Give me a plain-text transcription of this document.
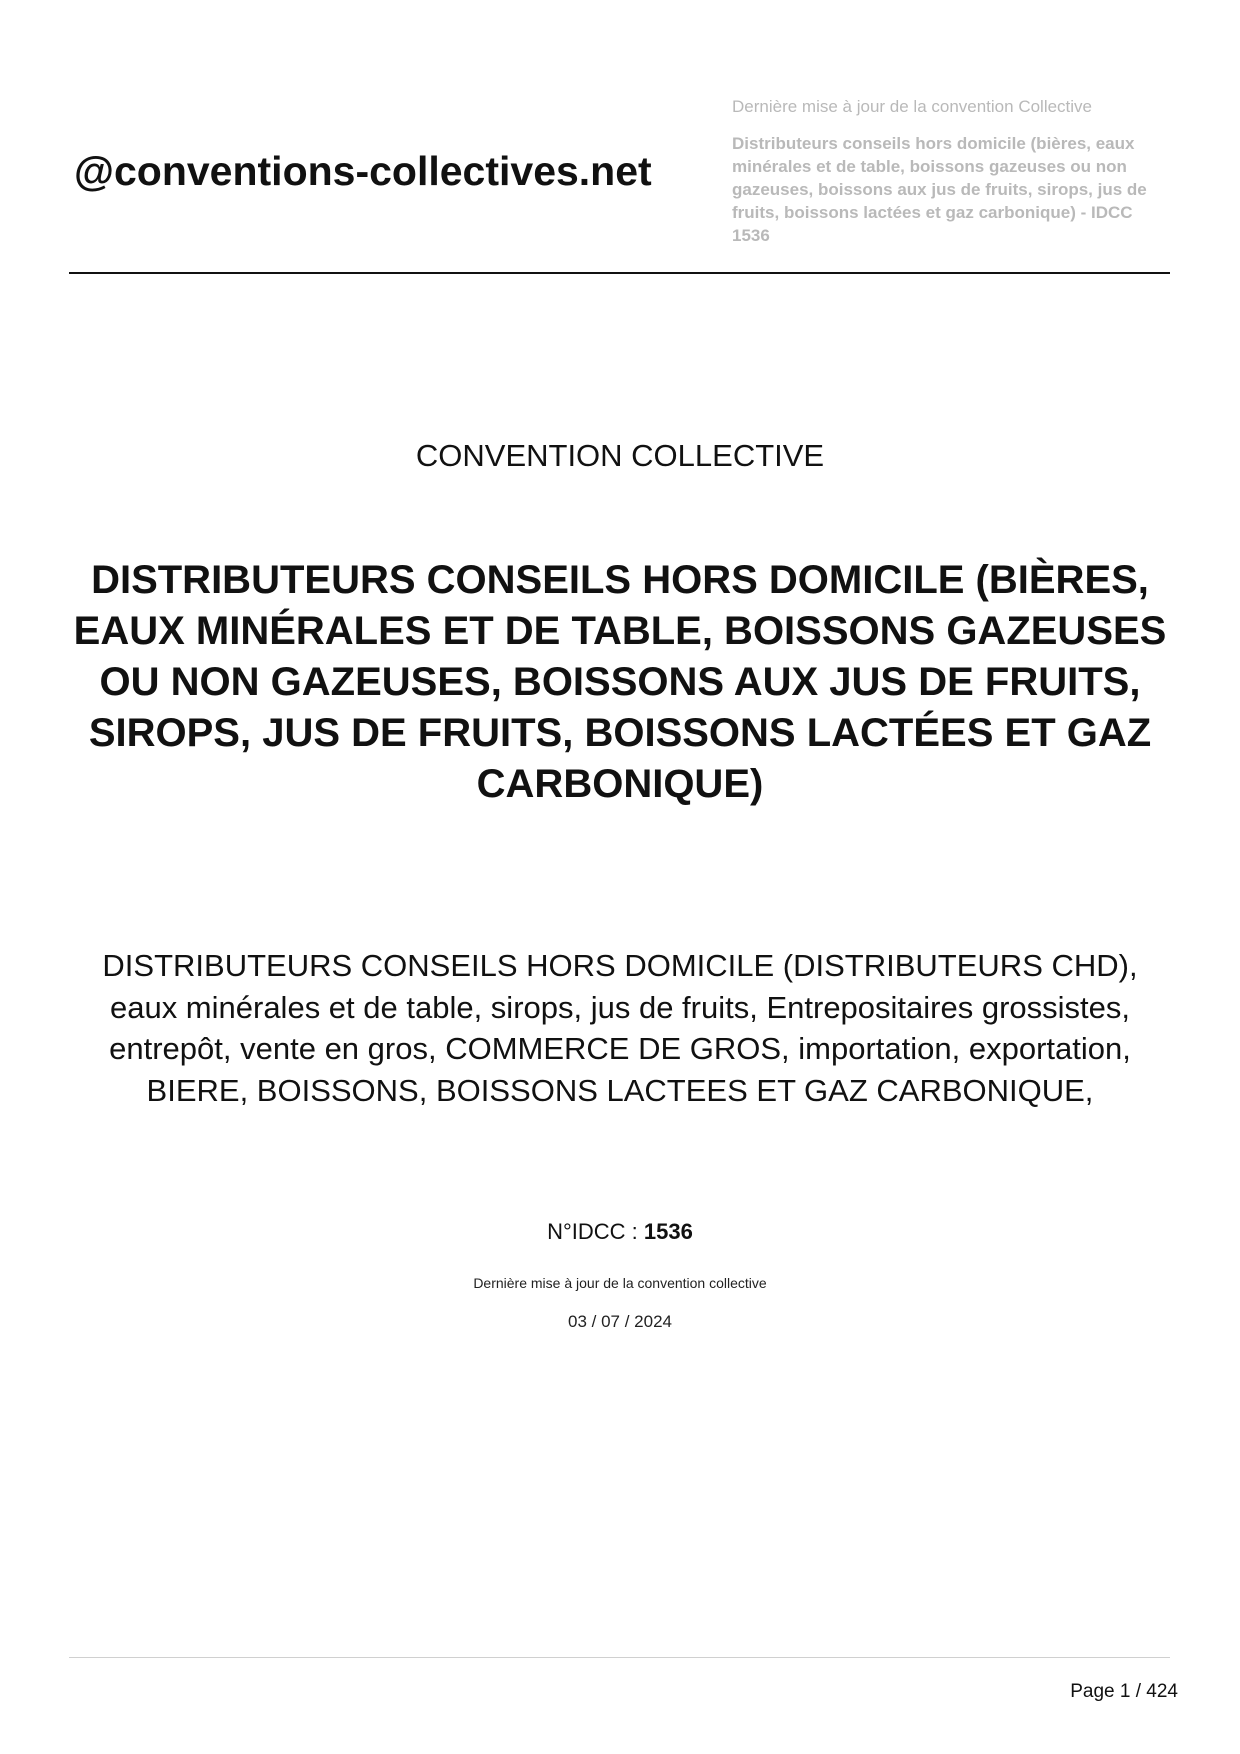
@conventions-collectives.net
Dernière mise à jour de la convention Collective
Distributeurs conseils hors domicile (bières, eaux minérales et de table, boissons gazeuses ou non gazeuses, boissons aux jus de fruits, sirops, jus de fruits, boissons lactées et gaz carbonique) - IDCC 1536
CONVENTION COLLECTIVE
DISTRIBUTEURS CONSEILS HORS DOMICILE (BIÈRES, EAUX MINÉRALES ET DE TABLE, BOISSONS GAZEUSES OU NON GAZEUSES, BOISSONS AUX JUS DE FRUITS, SIROPS, JUS DE FRUITS, BOISSONS LACTÉES ET GAZ CARBONIQUE)
DISTRIBUTEURS CONSEILS HORS DOMICILE (DISTRIBUTEURS CHD), eaux minérales et de table, sirops, jus de fruits, Entrepositaires grossistes, entrepôt, vente en gros, COMMERCE DE GROS, importation, exportation, BIERE, BOISSONS, BOISSONS LACTEES ET GAZ CARBONIQUE,
N°IDCC : 1536
Dernière mise à jour de la convention collective
03 / 07 / 2024
Page 1 / 424
